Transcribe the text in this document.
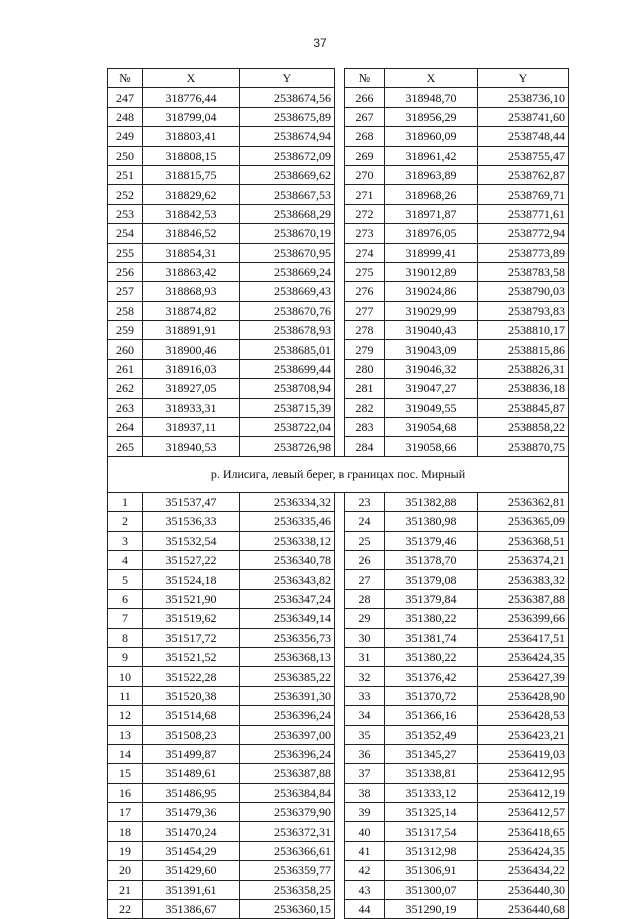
37
№	X	Y		№	X	Y
247	318776,44	2538674,56		266	318948,70	2538736,10
248	318799,04	2538675,89		267	318956,29	2538741,60
249	318803,41	2538674,94		268	318960,09	2538748,44
250	318808,15	2538672,09		269	318961,42	2538755,47
251	318815,75	2538669,62		270	318963,89	2538762,87
252	318829,62	2538667,53		271	318968,26	2538769,71
253	318842,53	2538668,29		272	318971,87	2538771,61
254	318846,52	2538670,19		273	318976,05	2538772,94
255	318854,31	2538670,95		274	318999,41	2538773,89
256	318863,42	2538669,24		275	319012,89	2538783,58
257	318868,93	2538669,43		276	319024,86	2538790,03
258	318874,82	2538670,76		277	319029,99	2538793,83
259	318891,91	2538678,93		278	319040,43	2538810,17
260	318900,46	2538685,01		279	319043,09	2538815,86
261	318916,03	2538699,44		280	319046,32	2538826,31
262	318927,05	2538708,94		281	319047,27	2538836,18
263	318933,31	2538715,39		282	319049,55	2538845,87
264	318937,11	2538722,04		283	319054,68	2538858,22
265	318940,53	2538726,98		284	319058,66	2538870,75
р. Илисига, левый берег, в границах пос. Мирный						
1	351537,47	2536334,32		23	351382,88	2536362,81
2	351536,33	2536335,46		24	351380,98	2536365,09
3	351532,54	2536338,12		25	351379,46	2536368,51
4	351527,22	2536340,78		26	351378,70	2536374,21
5	351524,18	2536343,82		27	351379,08	2536383,32
6	351521,90	2536347,24		28	351379,84	2536387,88
7	351519,62	2536349,14		29	351380,22	2536399,66
8	351517,72	2536356,73		30	351381,74	2536417,51
9	351521,52	2536368,13		31	351380,22	2536424,35
10	351522,28	2536385,22		32	351376,42	2536427,39
11	351520,38	2536391,30		33	351370,72	2536428,90
12	351514,68	2536396,24		34	351366,16	2536428,53
13	351508,23	2536397,00		35	351352,49	2536423,21
14	351499,87	2536396,24		36	351345,27	2536419,03
15	351489,61	2536387,88		37	351338,81	2536412,95
16	351486,95	2536384,84		38	351333,12	2536412,19
17	351479,36	2536379,90		39	351325,14	2536412,57
18	351470,24	2536372,31		40	351317,54	2536418,65
19	351454,29	2536366,61		41	351312,98	2536424,35
20	351429,60	2536359,77		42	351306,91	2536434,22
21	351391,61	2536358,25		43	351300,07	2536440,30
22	351386,67	2536360,15		44	351290,19	2536440,68
